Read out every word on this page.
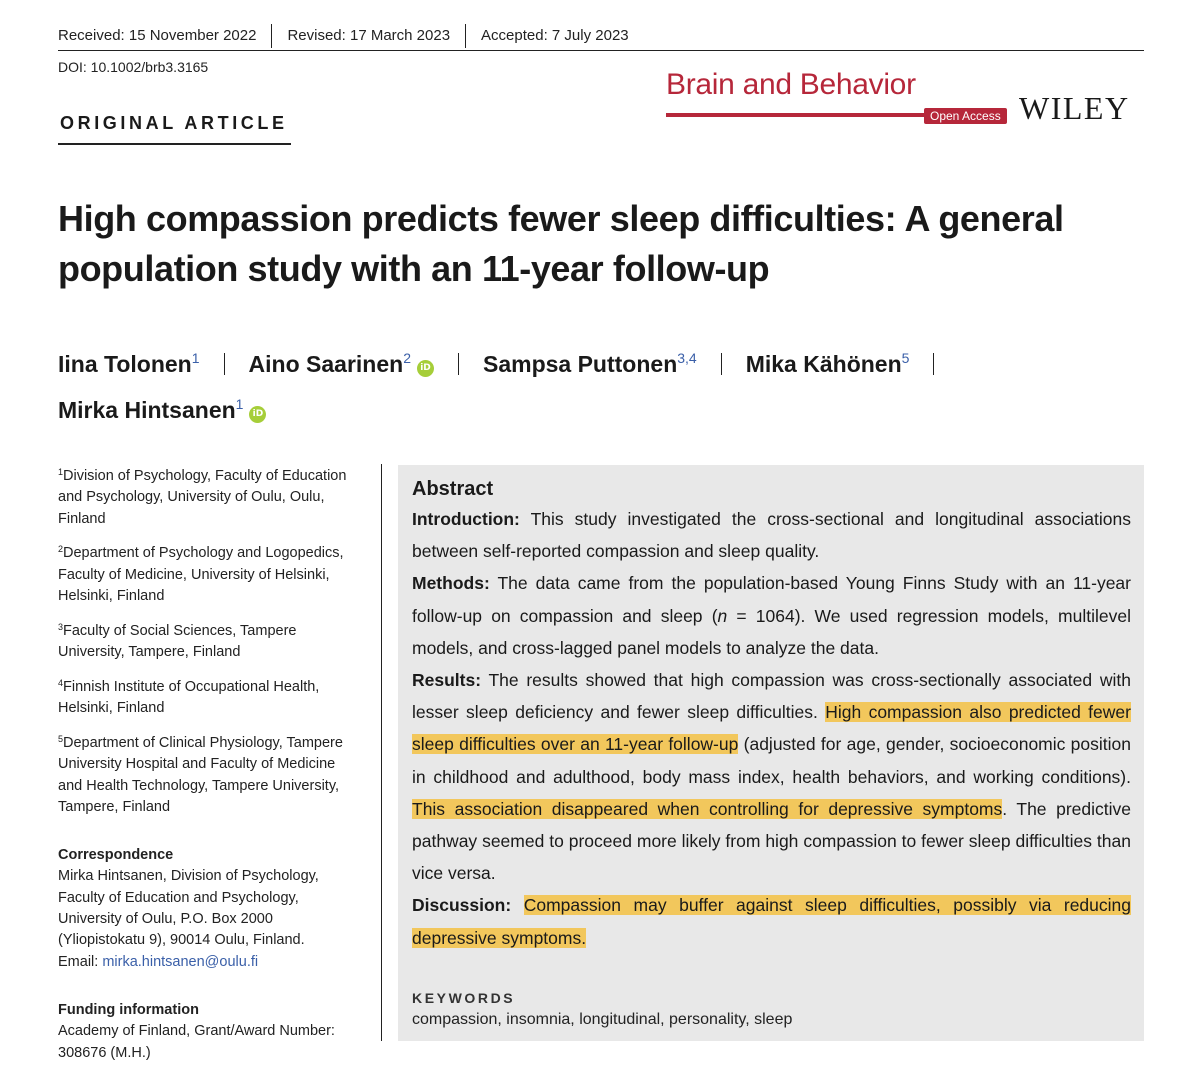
Received: 15 November 2022 Revised: 17 March 2023 Accepted: 7 July 2023
DOI: 10.1002/brb3.3165
Brain and Behavior
Open Access WILEY
ORIGINAL ARTICLE
High compassion predicts fewer sleep difficulties: A general population study with an 11-year follow-up
Iina Tolonen$^1$ Aino Saarinen$^2$iD Sampsa Puttonen$^{3,4}$ Mika Kähönen$^5$
Mirka Hintsanen$^1$iD

$^1$Division of Psychology, Faculty of Education and Psychology, University of Oulu, Oulu, Finland

$^2$Department of Psychology and Logopedics, Faculty of Medicine, University of Helsinki, Helsinki, Finland

$^3$Faculty of Social Sciences, Tampere University, Tampere, Finland

$^4$Finnish Institute of Occupational Health, Helsinki, Finland

$^5$Department of Clinical Physiology, Tampere University Hospital and Faculty of Medicine and Health Technology, Tampere University, Tampere, Finland

Correspondence
Mirka Hintsanen, Division of Psychology, Faculty of Education and Psychology, University of Oulu, P.O. Box 2000 (Yliopistokatu 9), 90014 Oulu, Finland.
Email: mirka.hintsanen@oulu.fi
Funding information
Academy of Finland, Grant/Award Number: 308676 (M.H.)
Abstract

Introduction: This study investigated the cross-sectional and longitudinal associations between self-reported compassion and sleep quality.

Methods: The data came from the population-based Young Finns Study with an 11-year follow-up on compassion and sleep (n = 1064). We used regression models, multilevel models, and cross-lagged panel models to analyze the data.

Results: The results showed that high compassion was cross-sectionally associated with lesser sleep deficiency and fewer sleep difficulties. High compassion also predicted fewer sleep difficulties over an 11-year follow-up (adjusted for age, gender, socioeconomic position in childhood and adulthood, body mass index, health behaviors, and working conditions). This association disappeared when controlling for depressive symptoms. The predictive pathway seemed to proceed more likely from high compassion to fewer sleep difficulties than vice versa.

Discussion: Compassion may buffer against sleep difficulties, possibly via reducing depressive symptoms.

KEYWORDS
compassion, insomnia, longitudinal, personality, sleep
